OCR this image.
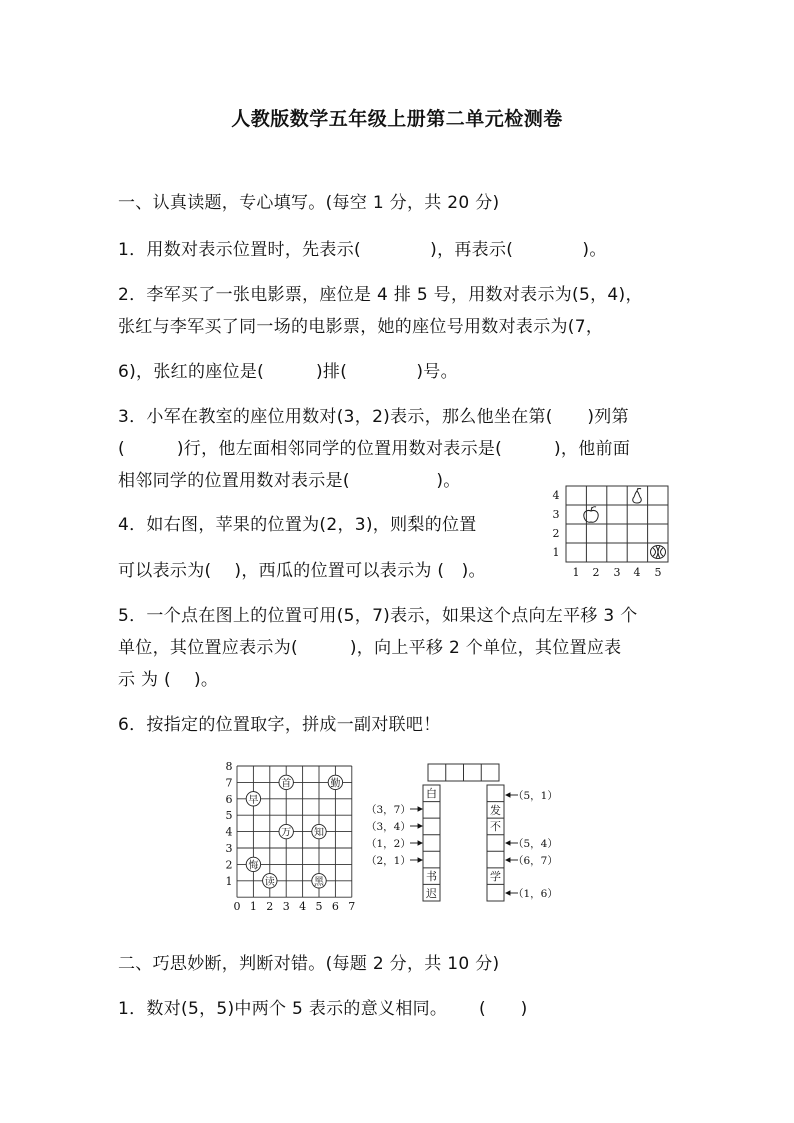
人教版数学五年级上册第二单元检测卷
一、认真读题，专心填写。(每空 1 分，共 20 分)
1．用数对表示位置时，先表示(　　　　)，再表示(　　　　)。
2．李军买了一张电影票，座位是 4 排 5 号，用数对表示为(5，4)，
张红与李军买了同一场的电影票，她的座位号用数对表示为(7，
6)，张红的座位是(　　　)排(　　　　)号。
3．小军在教室的座位用数对(3，2)表示，那么他坐在第(　　)列第
(　　　)行，他左面相邻同学的位置用数对表示是(　　　)，他前面
相邻同学的位置用数对表示是(　　　　　)。
4．如右图，苹果的位置为(2，3)，则梨的位置
可以表示为(　 )，西瓜的位置可以表示为 (　)。
5．一个点在图上的位置可用(5，7)表示，如果这个点向左平移 3 个
单位，其位置应表示为(　　　)，向上平移 2 个单位，其位置应表
示 为 (　 )。
6．按指定的位置取字，拼成一副对联吧！
4
3
2
1
1 2 3 4 5
0 1 2 3 4 5 6 7
8
7
6
5
4
3
2
1
首	勤
早
万 知
悔
读	黑
白
书
迟
发
不
学
（3，7）
（3，4）
（1，2）
（2，1）
（5，1）
（5，4）
（6，7）
（1，6）
二、巧思妙断，判断对错。(每题 2 分，共 10 分)
1．数对(5，5)中两个 5 表示的意义相同。　　 (　　)
